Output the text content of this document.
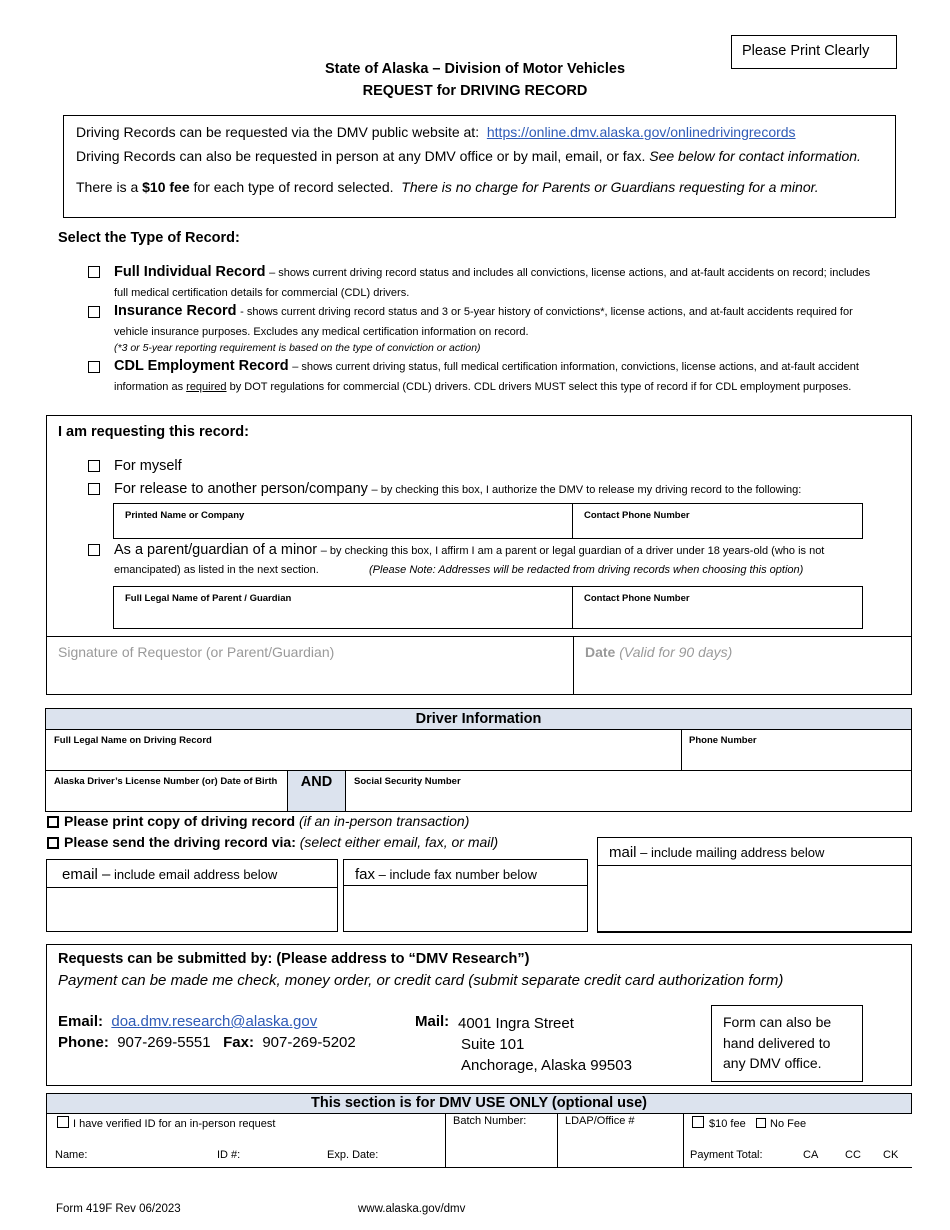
Please Print Clearly
State of Alaska – Division of Motor Vehicles
REQUEST for DRIVING RECORD
Driving Records can be requested via the DMV public website at: https://online.dmv.alaska.gov/onlinedrivingrecords
Driving Records can also be requested in person at any DMV office or by mail, email, or fax. See below for contact information.
There is a $10 fee for each type of record selected. There is no charge for Parents or Guardians requesting for a minor.
Select the Type of Record:
Full Individual Record – shows current driving record status and includes all convictions, license actions, and at-fault accidents on record; includes
full medical certification details for commercial (CDL) drivers.
Insurance Record - shows current driving record status and 3 or 5-year history of convictions*, license actions, and at-fault accidents required for
vehicle insurance purposes. Excludes any medical certification information on record.
(*3 or 5-year reporting requirement is based on the type of conviction or action)
CDL Employment Record – shows current driving status, full medical certification information, convictions, license actions, and at-fault accident
information as required by DOT regulations for commercial (CDL) drivers. CDL drivers MUST select this type of record if for CDL employment purposes.
I am requesting this record:
For myself
For release to another person/company – by checking this box, I authorize the DMV to release my driving record to the following:
Printed Name or Company	Contact Phone Number
As a parent/guardian of a minor – by checking this box, I affirm I am a parent or legal guardian of a driver under 18 years-old (who is not
emancipated) as listed in the next section.	(Please Note: Addresses will be redacted from driving records when choosing this option)
Full Legal Name of Parent / Guardian	Contact Phone Number
Signature of Requestor (or Parent/Guardian)	Date (Valid for 90 days)
Driver Information
Full Legal Name on Driving Record	Phone Number
Alaska Driver’s License Number (or) Date of Birth	AND	Social Security Number
Please print copy of driving record (if an in-person transaction)
Please send the driving record via: (select either email, fax, or mail)
email – include email address below	fax – include fax number below
mail – include mailing address below
Requests can be submitted by: (Please address to “DMV Research”)
Payment can be made me check, money order, or credit card (submit separate credit card authorization form)
Email: doa.dmv.research@alaska.gov
Phone: 907-269-5551 Fax: 907-269-5202
Mail: 4001 Ingra Street
Suite 101
Anchorage, Alaska 99503
Form can also be hand delivered to any DMV office.
This section is for DMV USE ONLY (optional use)
I have verified ID for an in-person request	Batch Number:	LDAP/Office #	$10 fee No Fee
Name:	ID #:	Exp. Date:	Payment Total:	CA CC CK
Form 419F Rev 06/2023	www.alaska.gov/dmv
